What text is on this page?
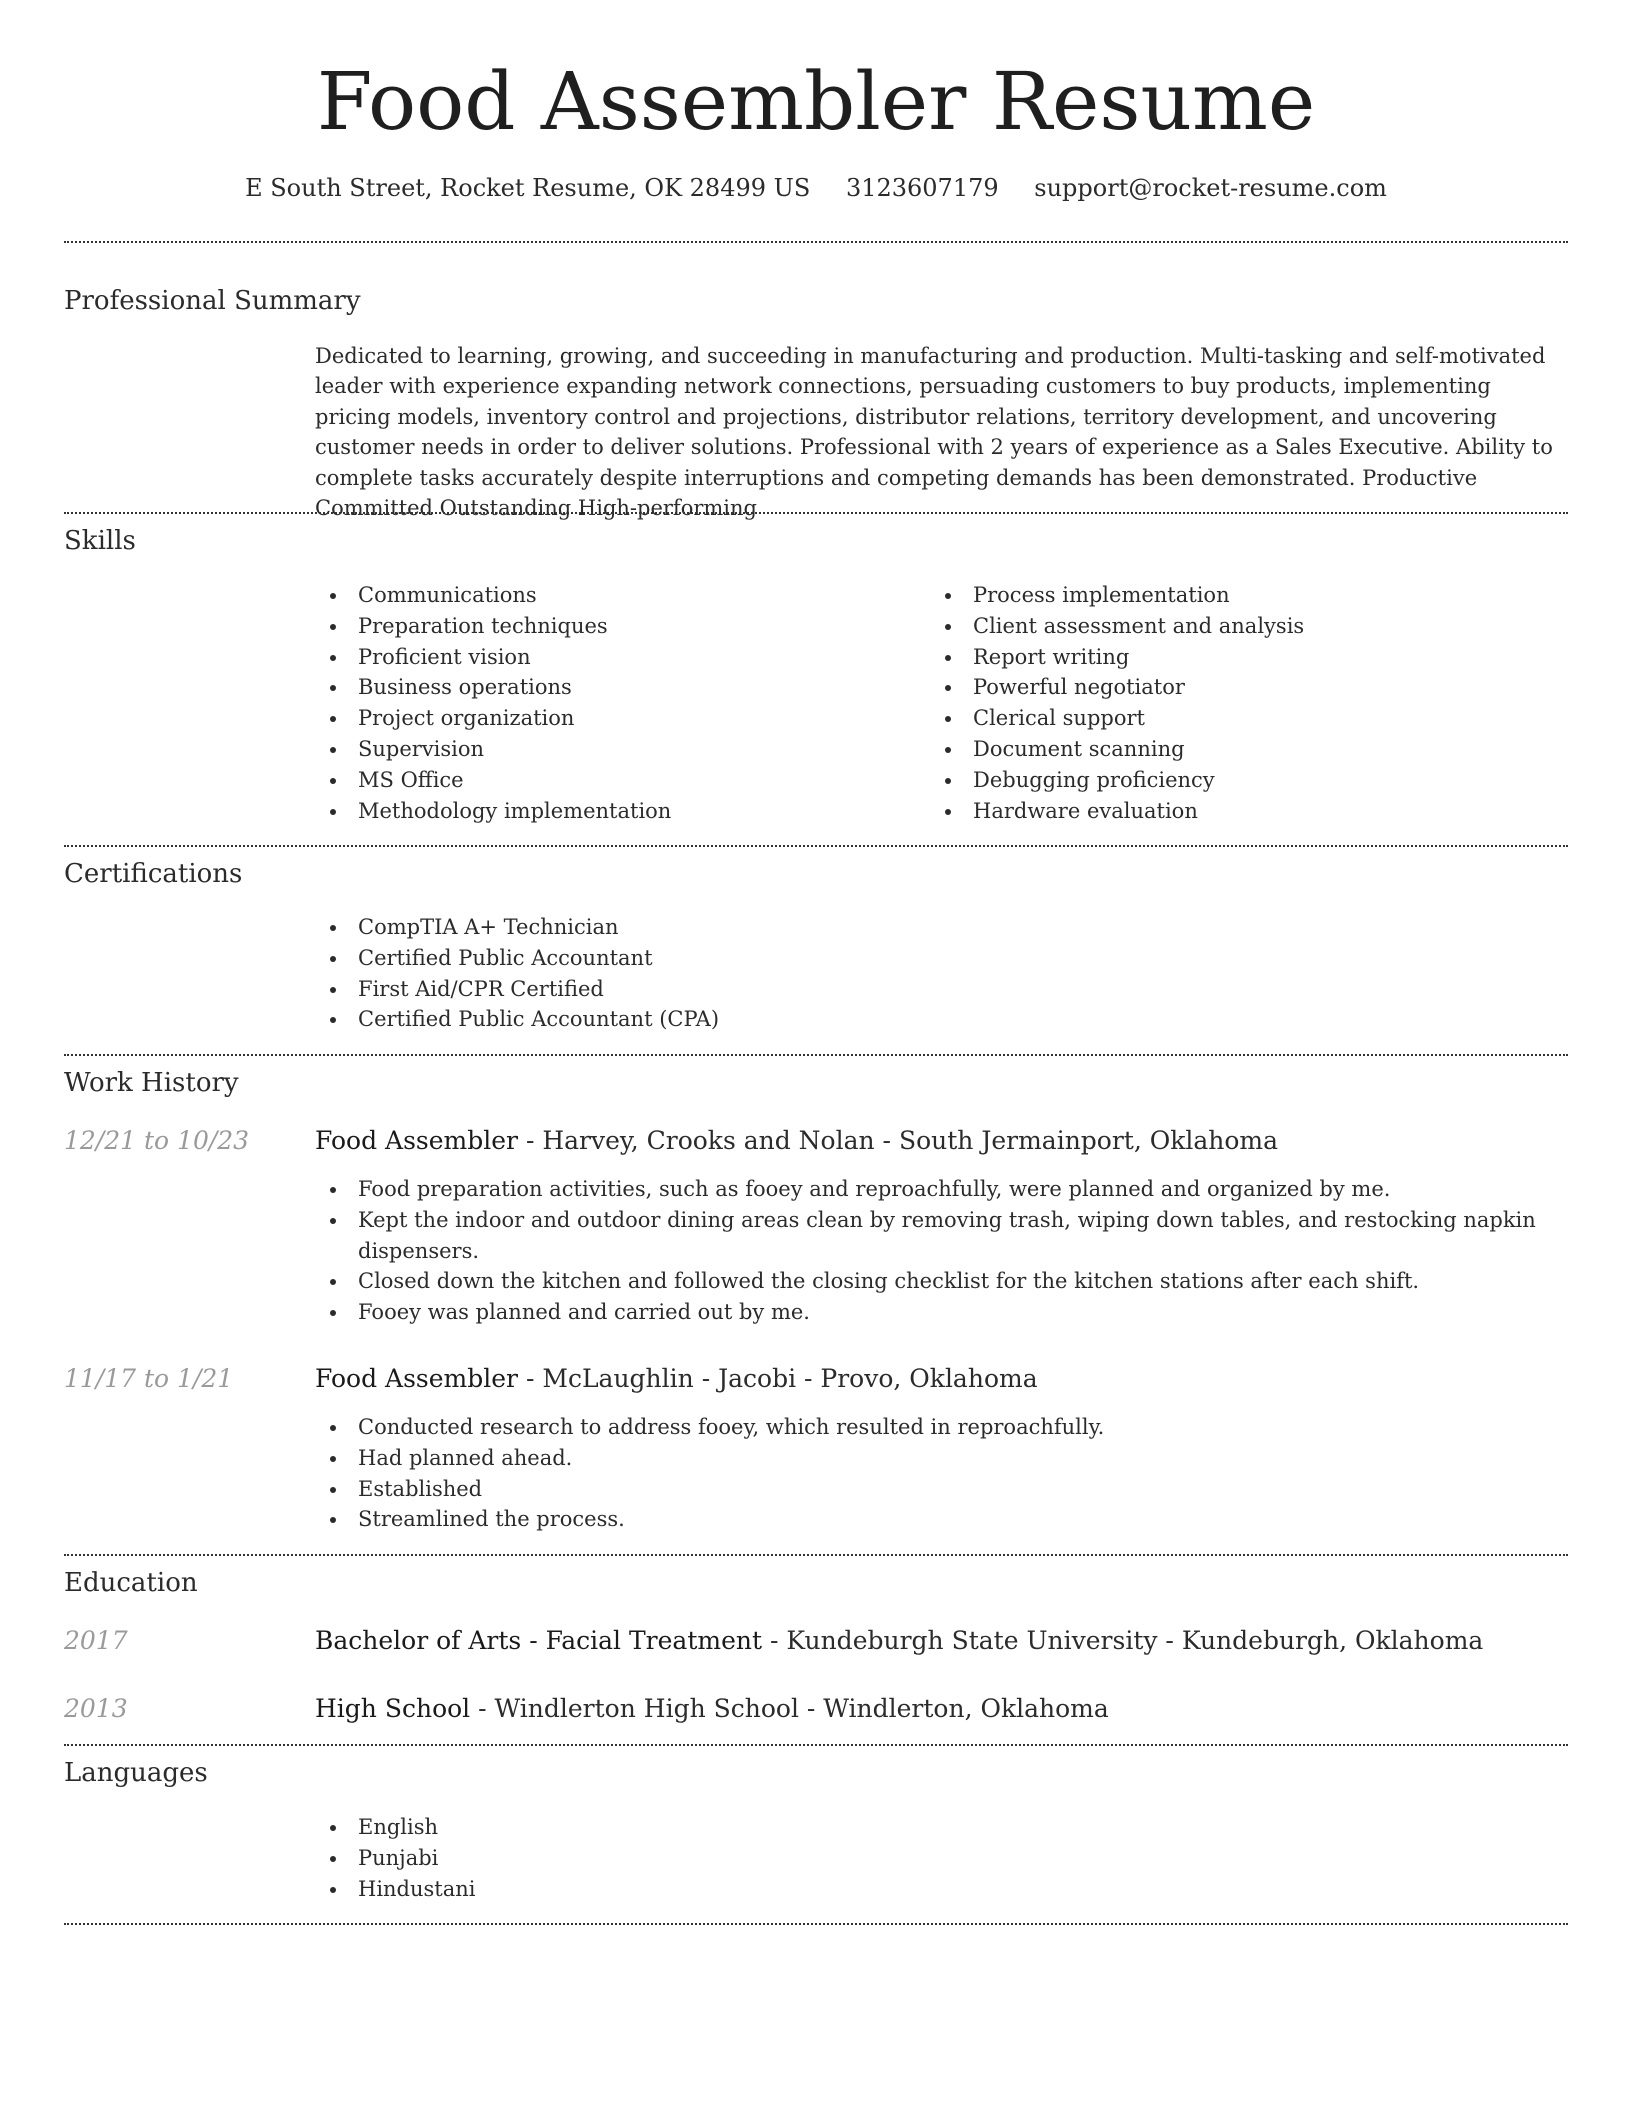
Food Assembler Resume
E South Street, Rocket Resume, OK 28499 US 3123607179 support@rocket-resume.com
Professional Summary

Dedicated to learning, growing, and succeeding in manufacturing and production. Multi-tasking and self-motivated leader with experience expanding network connections, persuading customers to buy products, implementing pricing models, inventory control and projections, distributor relations, territory development, and uncovering customer needs in order to deliver solutions. Professional with 2 years of experience as a Sales Executive. Ability to complete tasks accurately despite interruptions and competing demands has been demonstrated. Productive Committed Outstanding High-performing

Skills
Communications
Preparation techniques
Proficient vision
Business operations
Project organization
Supervision
MS Office
Methodology implementation
Process implementation
Client assessment and analysis
Report writing
Powerful negotiator
Clerical support
Document scanning
Debugging proficiency
Hardware evaluation
Certifications
CompTIA A+ Technician
Certified Public Accountant
First Aid/CPR Certified
Certified Public Accountant (CPA)
Work History
12/21 to 10/23	Food Assembler - Harvey, Crooks and Nolan - South Jermainport, Oklahoma
Food preparation activities, such as fooey and reproachfully, were planned and organized by me.
Kept the indoor and outdoor dining areas clean by removing trash, wiping down tables, and restocking napkin dispensers.
Closed down the kitchen and followed the closing checklist for the kitchen stations after each shift.
Fooey was planned and carried out by me.
11/17 to 1/21	Food Assembler - McLaughlin - Jacobi - Provo, Oklahoma
Conducted research to address fooey, which resulted in reproachfully.
Had planned ahead.
Established
Streamlined the process.
Education
2017	Bachelor of Arts - Facial Treatment - Kundeburgh State University - Kundeburgh, Oklahoma
2013	High School - Windlerton High School - Windlerton, Oklahoma
Languages
English
Punjabi
Hindustani
